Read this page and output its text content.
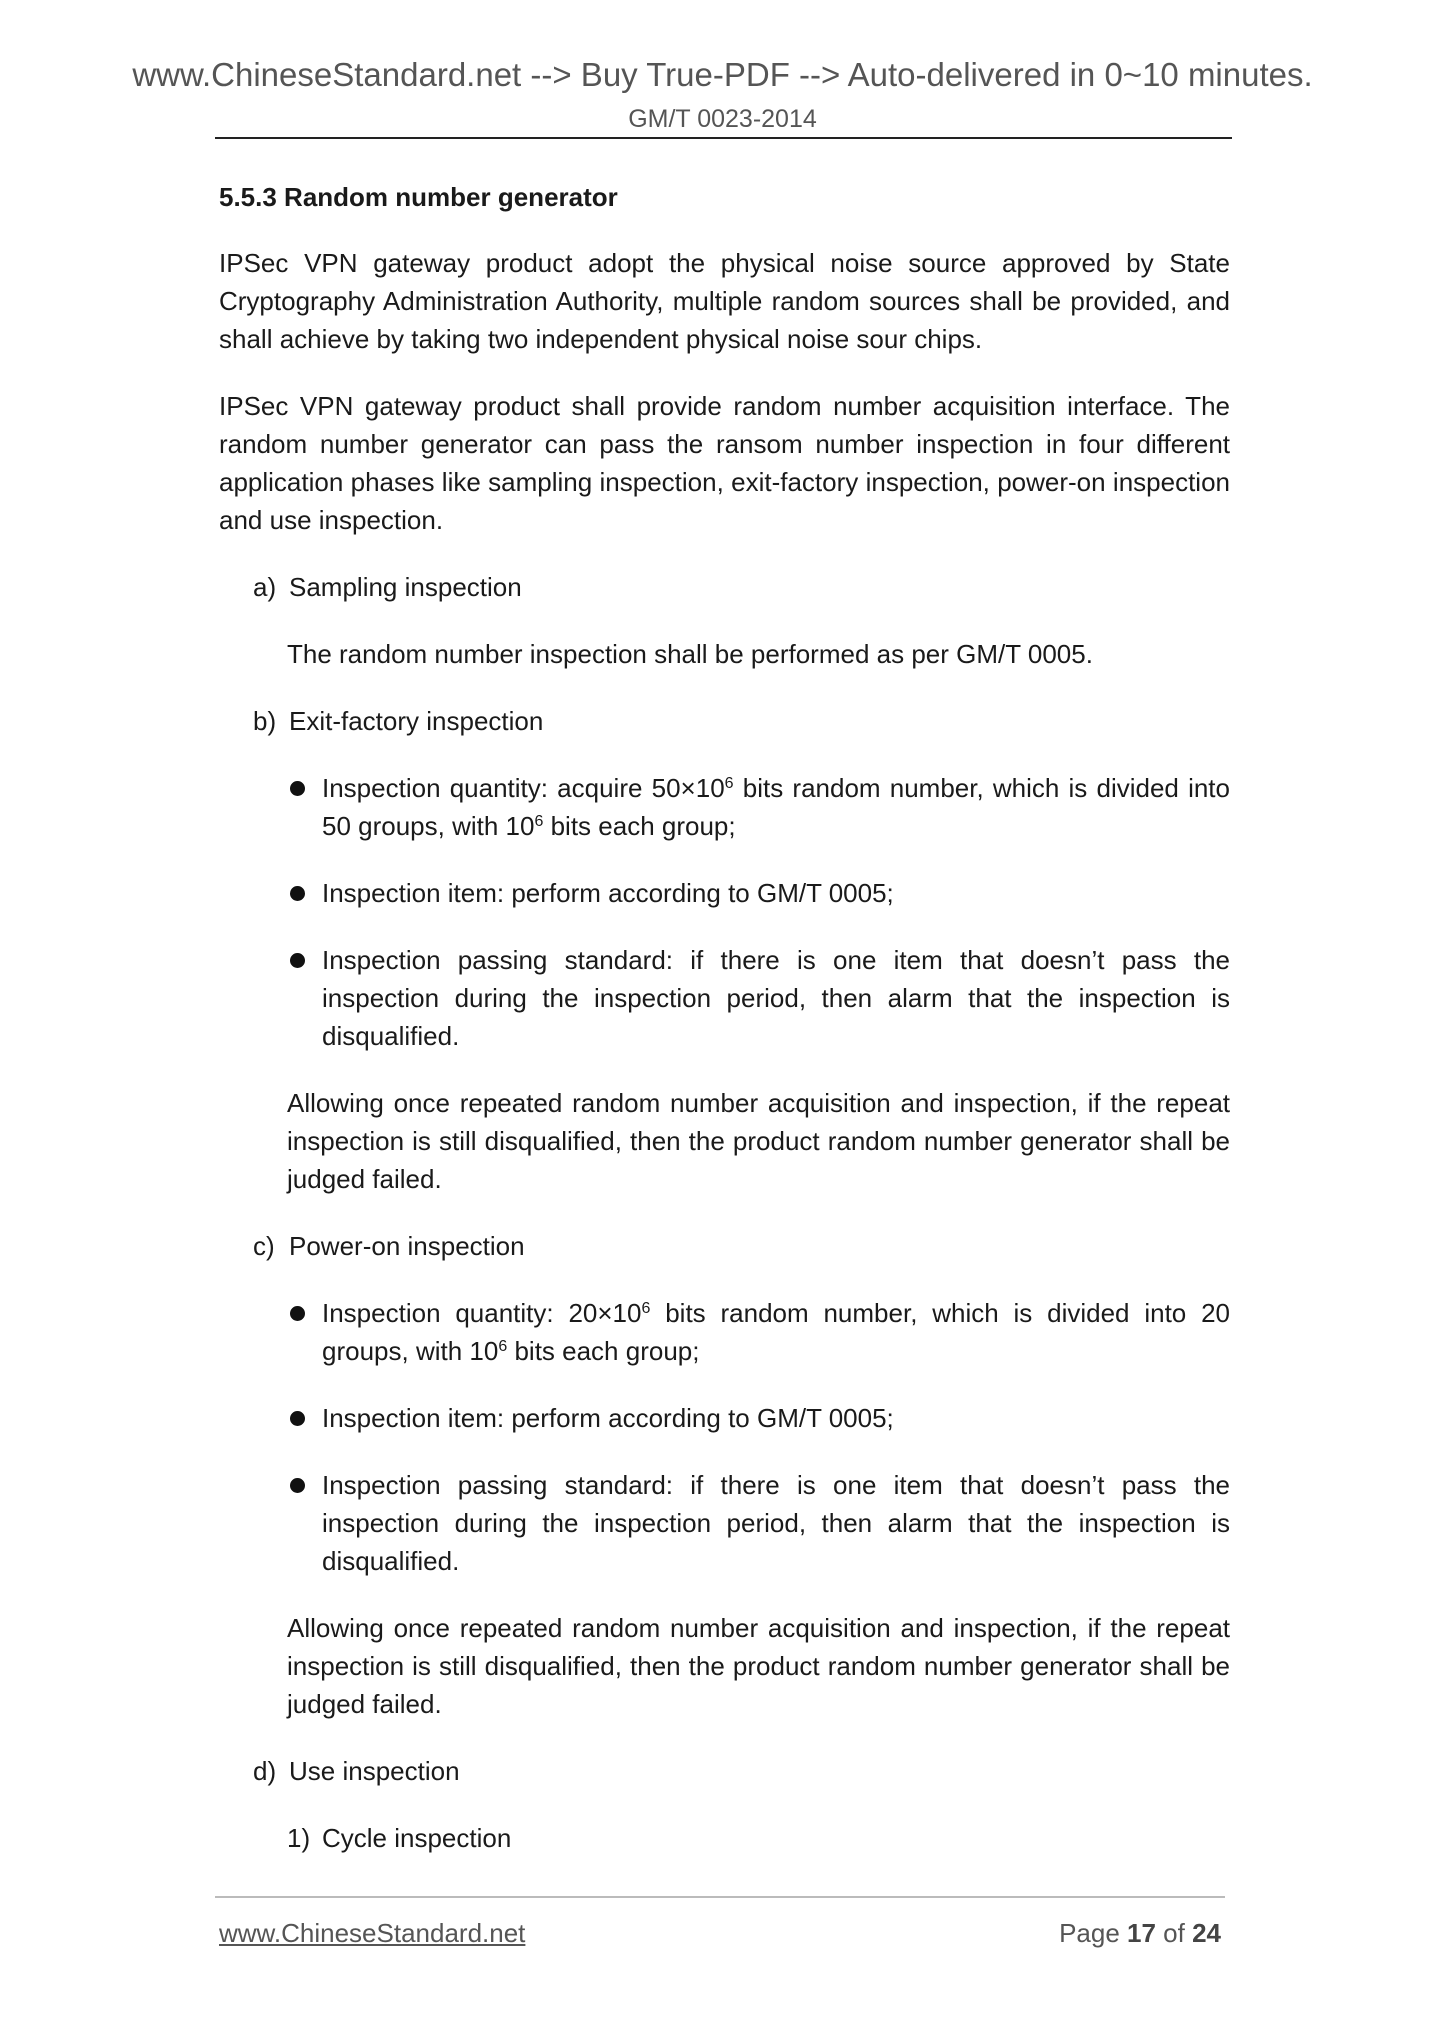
www.ChineseStandard.net --> Buy True-PDF --> Auto-delivered in 0~10 minutes.
GM/T 0023-2014
5.5.3 Random number generator

IPSec VPN gateway product adopt the physical noise source approved by State Cryptography Administration Authority, multiple random sources shall be provided, and shall achieve by taking two independent physical noise sour chips.

IPSec VPN gateway product shall provide random number acquisition interface. The random number generator can pass the ransom number inspection in four different application phases like sampling inspection, exit-factory inspection, power-on inspection and use inspection.

a) Sampling inspection

The random number inspection shall be performed as per GM/T 0005.

b) Exit-factory inspection
Inspection quantity: acquire $50\times 10^6$ bits random number, which is divided into 50 groups, with $10^6$ bits each group;
Inspection item: perform according to GM/T 0005;
Inspection passing standard: if there is one item that doesn’t pass the inspection during the inspection period, then alarm that the inspection is disqualified.

Allowing once repeated random number acquisition and inspection, if the repeat inspection is still disqualified, then the product random number generator shall be judged failed.

c) Power-on inspection
Inspection quantity: $20\times 10^6$ bits random number, which is divided into 20 groups, with $10^6$ bits each group;
Inspection item: perform according to GM/T 0005;
Inspection passing standard: if there is one item that doesn’t pass the inspection during the inspection period, then alarm that the inspection is disqualified.

Allowing once repeated random number acquisition and inspection, if the repeat inspection is still disqualified, then the product random number generator shall be judged failed.

d) Use inspection
1) Cycle inspection
www.ChineseStandard.net	Page 17 of 24
